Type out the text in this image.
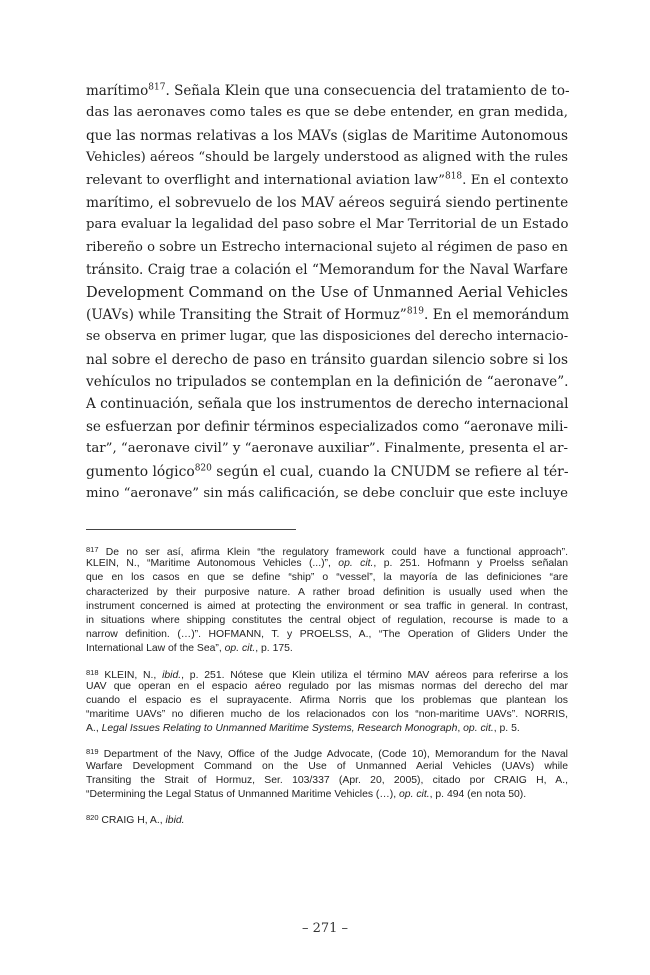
marítimo$^{817}$. Señala Klein que una consecuencia del tratamiento de to-
das las aeronaves como tales es que se debe entender, en gran medida,
que las normas relativas a los MAVs (siglas de Maritime Autonomous
Vehicles) aéreos “should be largely understood as aligned with the rules
relevant to overflight and international aviation law”$^{818}$. En el contexto
marítimo, el sobrevuelo de los MAV aéreos seguirá siendo pertinente
para evaluar la legalidad del paso sobre el Mar Territorial de un Estado
ribereño o sobre un Estrecho internacional sujeto al régimen de paso en
tránsito. Craig trae a colación el “Memorandum for the Naval Warfare
Development Command on the Use of Unmanned Aerial Vehicles
(UAVs) while Transiting the Strait of Hormuz”$^{819}$. En el memorándum
se observa en primer lugar, que las disposiciones del derecho internacio-
nal sobre el derecho de paso en tránsito guardan silencio sobre si los
vehículos no tripulados se contemplan en la definición de “aeronave”.
A continuación, señala que los instrumentos de derecho internacional
se esfuerzan por definir términos especializados como “aeronave mili-
tar”, “aeronave civil” y “aeronave auxiliar”. Finalmente, presenta el ar-
gumento lógico$^{820}$ según el cual, cuando la CNUDM se refiere al tér-
mino “aeronave” sin más calificación, se debe concluir que este incluye
$^{817}$ De no ser así, afirma Klein “the regulatory framework could have a functional approach”.
KLEIN, N., “Maritime Autonomous Vehicles (...)”, op. cit., p. 251. Hofmann y Proelss señalan
que en los casos en que se define “ship” o “vessel”, la mayoría de las definiciones “are
characterized by their purposive nature. A rather broad definition is usually used when the
instrument concerned is aimed at protecting the environment or sea traffic in general. In contrast,
in situations where shipping constitutes the central object of regulation, recourse is made to a
narrow definition. (…)”. HOFMANN, T. y PROELSS, A., “The Operation of Gliders Under the
International Law of the Sea”, op. cit., p. 175.
$^{818}$ KLEIN, N., ibid., p. 251. Nótese que Klein utiliza el término MAV aéreos para referirse a los
UAV que operan en el espacio aéreo regulado por las mismas normas del derecho del mar
cuando el espacio es el suprayacente. Afirma Norris que los problemas que plantean los
“maritime UAVs” no difieren mucho de los relacionados con los “non-maritime UAVs”. NORRIS,
A., Legal Issues Relating to Unmanned Maritime Systems, Research Monograph, op. cit., p. 5.
$^{819}$ Department of the Navy, Office of the Judge Advocate, (Code 10), Memorandum for the Naval
Warfare Development Command on the Use of Unmanned Aerial Vehicles (UAVs) while
Transiting the Strait of Hormuz, Ser. 103/337 (Apr. 20, 2005), citado por CRAIG H, A.,
“Determining the Legal Status of Unmanned Maritime Vehicles (…), op. cit., p. 494 (en nota 50).
$^{820}$ CRAIG H, A., ibid.
– 271 –
